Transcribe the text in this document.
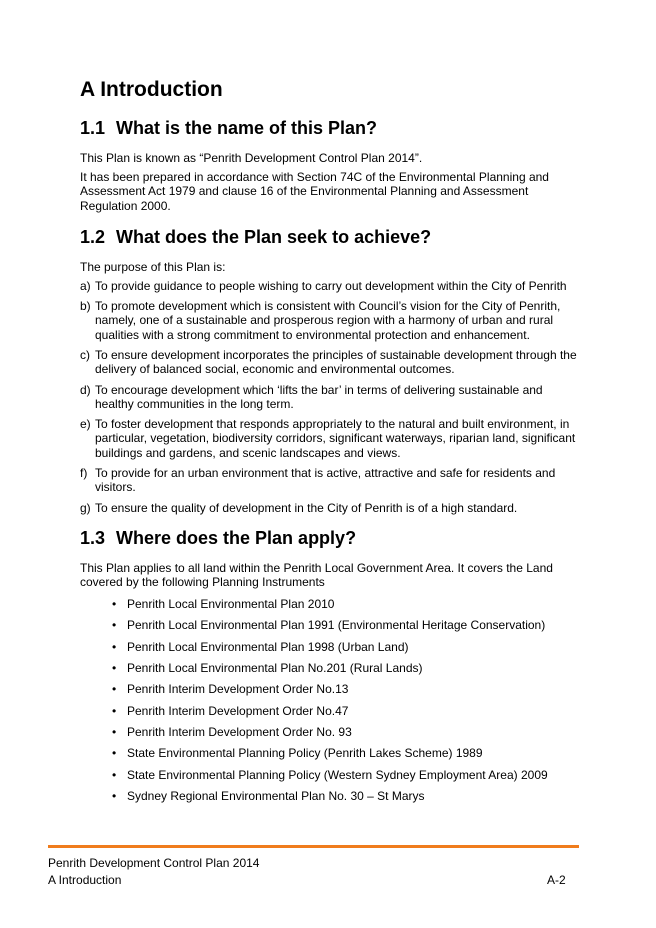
A Introduction
1.1 What is the name of this Plan?

This Plan is known as “Penrith Development Control Plan 2014”.

It has been prepared in accordance with Section 74C of the Environmental Planning and Assessment Act 1979 and clause 16 of the Environmental Planning and Assessment Regulation 2000.

1.2 What does the Plan seek to achieve?

The purpose of this Plan is:

a) To provide guidance to people wishing to carry out development within the City of Penrith
b) To promote development which is consistent with Council’s vision for the City of Penrith, namely, one of a sustainable and prosperous region with a harmony of urban and rural qualities with a strong commitment to environmental protection and enhancement.
c) To ensure development incorporates the principles of sustainable development through the delivery of balanced social, economic and environmental outcomes.
d) To encourage development which ‘lifts the bar’ in terms of delivering sustainable and healthy communities in the long term.
e) To foster development that responds appropriately to the natural and built environment, in particular, vegetation, biodiversity corridors, significant waterways, riparian land, significant buildings and gardens, and scenic landscapes and views.
f) To provide for an urban environment that is active, attractive and safe for residents and visitors.
g) To ensure the quality of development in the City of Penrith is of a high standard.
1.3 Where does the Plan apply?

This Plan applies to all land within the Penrith Local Government Area. It covers the Land covered by the following Planning Instruments

• Penrith Local Environmental Plan 2010
• Penrith Local Environmental Plan 1991 (Environmental Heritage Conservation)
• Penrith Local Environmental Plan 1998 (Urban Land)
• Penrith Local Environmental Plan No.201 (Rural Lands)
• Penrith Interim Development Order No.13
• Penrith Interim Development Order No.47
• Penrith Interim Development Order No. 93
• State Environmental Planning Policy (Penrith Lakes Scheme) 1989
• State Environmental Planning Policy (Western Sydney Employment Area) 2009
• Sydney Regional Environmental Plan No. 30 – St Marys
Penrith Development Control Plan 2014
A Introduction	A-2
